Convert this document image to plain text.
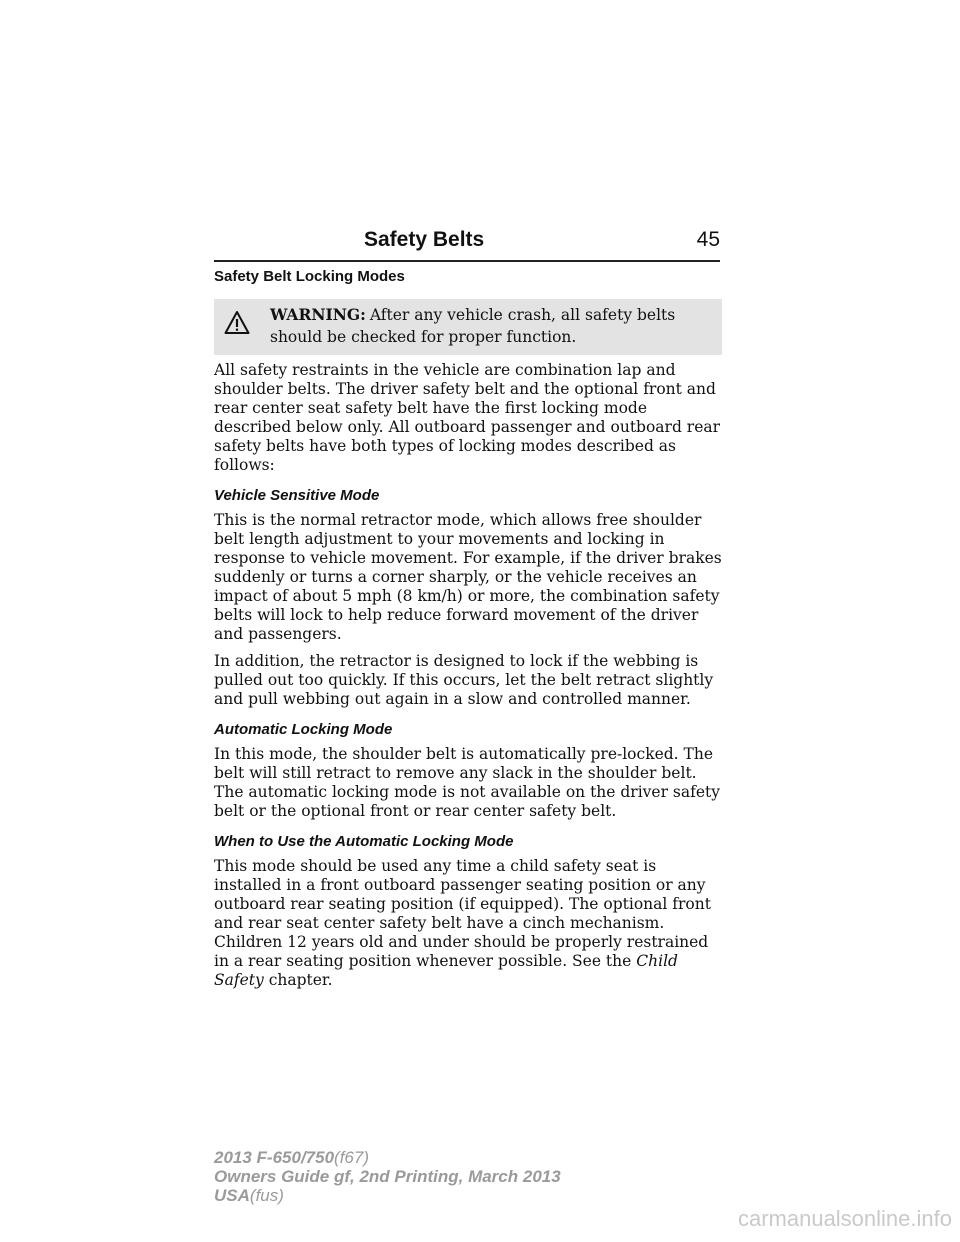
Safety Belts	45
Safety Belt Locking Modes
WARNING: After any vehicle crash, all safety belts should be checked for proper function.

All safety restraints in the vehicle are combination lap and shoulder belts. The driver safety belt and the optional front and rear center seat safety belt have the first locking mode described below only. All outboard passenger and outboard rear safety belts have both types of locking modes described as follows:

Vehicle Sensitive Mode

This is the normal retractor mode, which allows free shoulder belt length adjustment to your movements and locking in response to vehicle movement. For example, if the driver brakes suddenly or turns a corner sharply, or the vehicle receives an impact of about 5 mph (8 km/h) or more, the combination safety belts will lock to help reduce forward movement of the driver and passengers.

In addition, the retractor is designed to lock if the webbing is pulled out too quickly. If this occurs, let the belt retract slightly and pull webbing out again in a slow and controlled manner.

Automatic Locking Mode

In this mode, the shoulder belt is automatically pre-locked. The belt will still retract to remove any slack in the shoulder belt. The automatic locking mode is not available on the driver safety belt or the optional front or rear center safety belt.

When to Use the Automatic Locking Mode

This mode should be used any time a child safety seat is installed in a front outboard passenger seating position or any outboard rear seating position (if equipped). The optional front and rear seat center safety belt have a cinch mechanism. Children 12 years old and under should be properly restrained in a rear seating position whenever possible. See the Child Safety chapter.

2013 F-650/750(f67)
Owners Guide gf, 2nd Printing, March 2013
USA(fus)
carmanualsonline.info
